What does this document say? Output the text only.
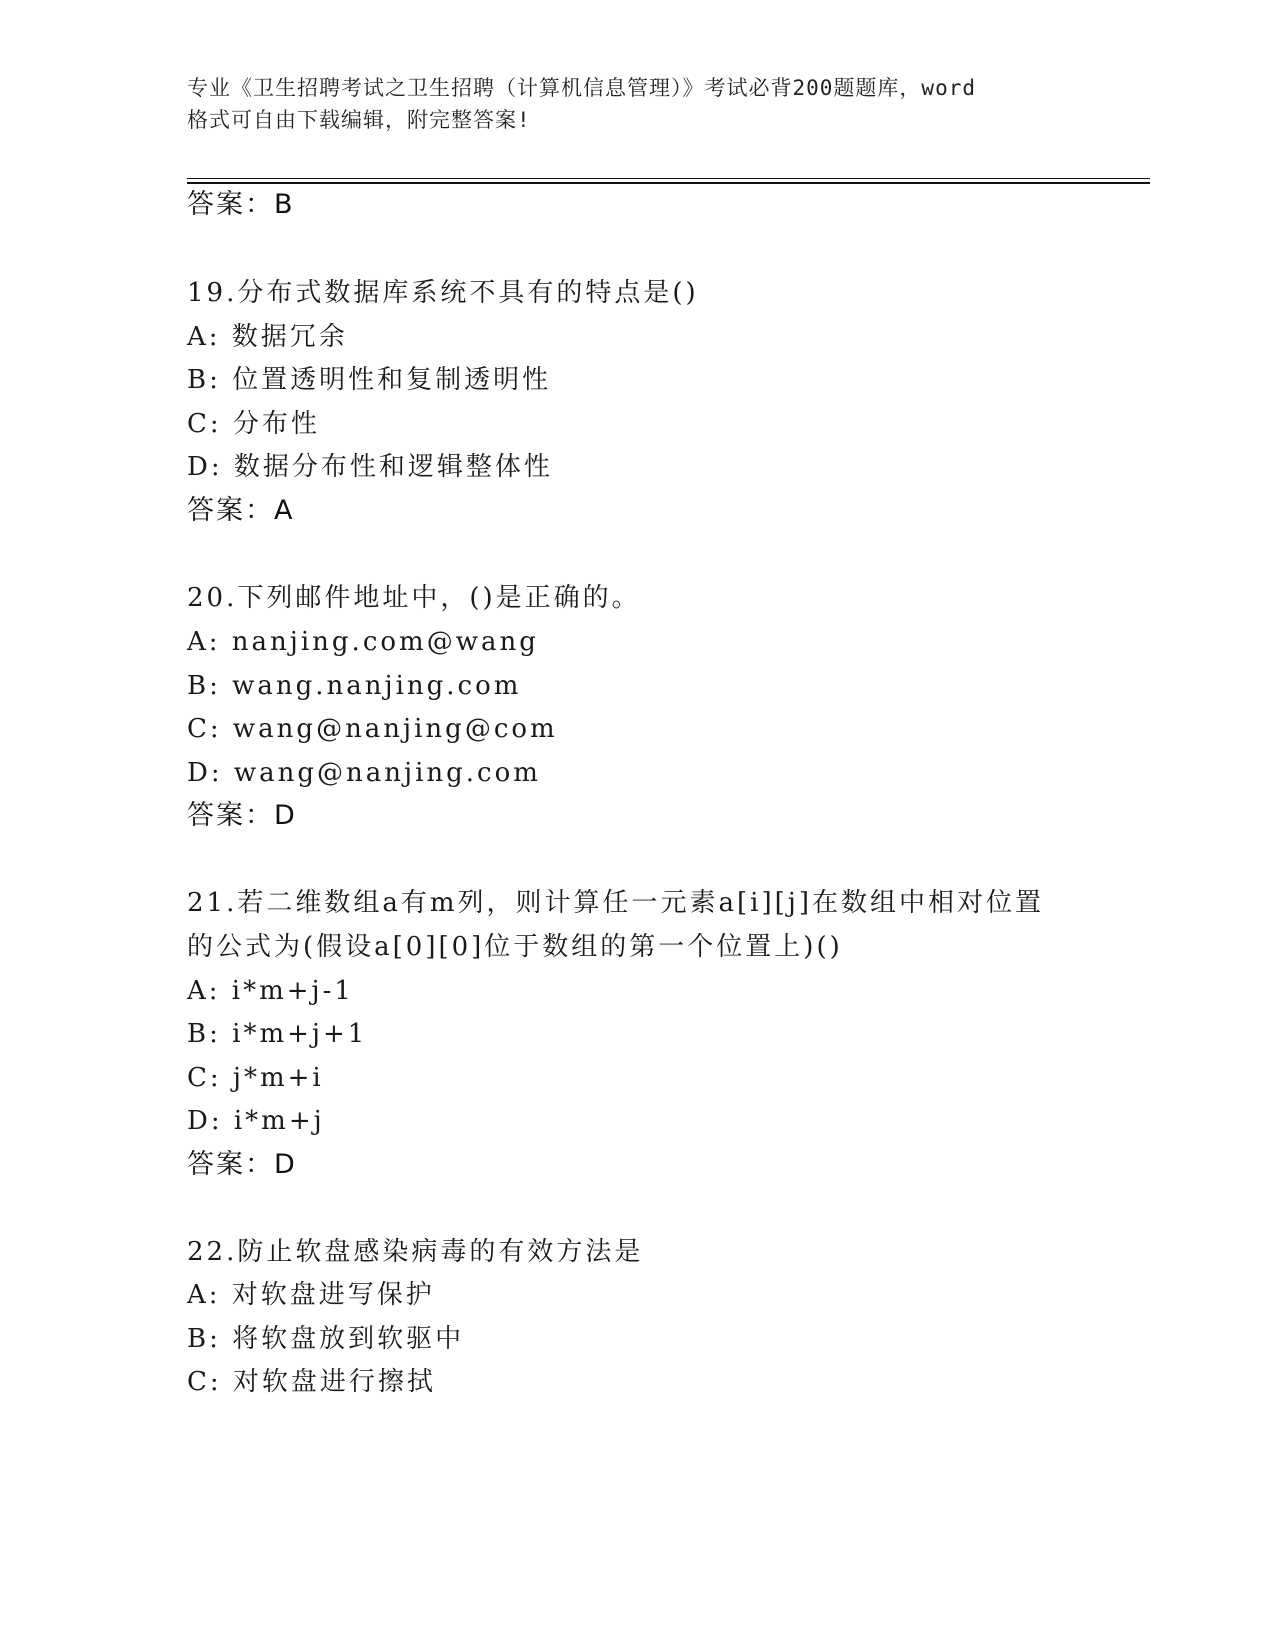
专业《卫生招聘考试之卫生招聘（计算机信息管理）》考试必背200题题库，word
格式可自由下载编辑，附完整答案!
答案：B
19.分布式数据库系统不具有的特点是()
A: 数据冗余
B: 位置透明性和复制透明性
C: 分布性
D: 数据分布性和逻辑整体性
答案：A
20.下列邮件地址中，()是正确的。
A: nanjing.com@wang
B: wang.nanjing.com
C: wang@nanjing@com
D: wang@nanjing.com
答案：D
21.若二维数组a有m列，则计算任一元素a[i][j]在数组中相对位置
的公式为(假设a[0][0]位于数组的第一个位置上)()
A: i*m+j-1
B: i*m+j+1
C: j*m+i
D: i*m+j
答案：D
22.防止软盘感染病毒的有效方法是
A: 对软盘进写保护
B: 将软盘放到软驱中
C: 对软盘进行擦拭
